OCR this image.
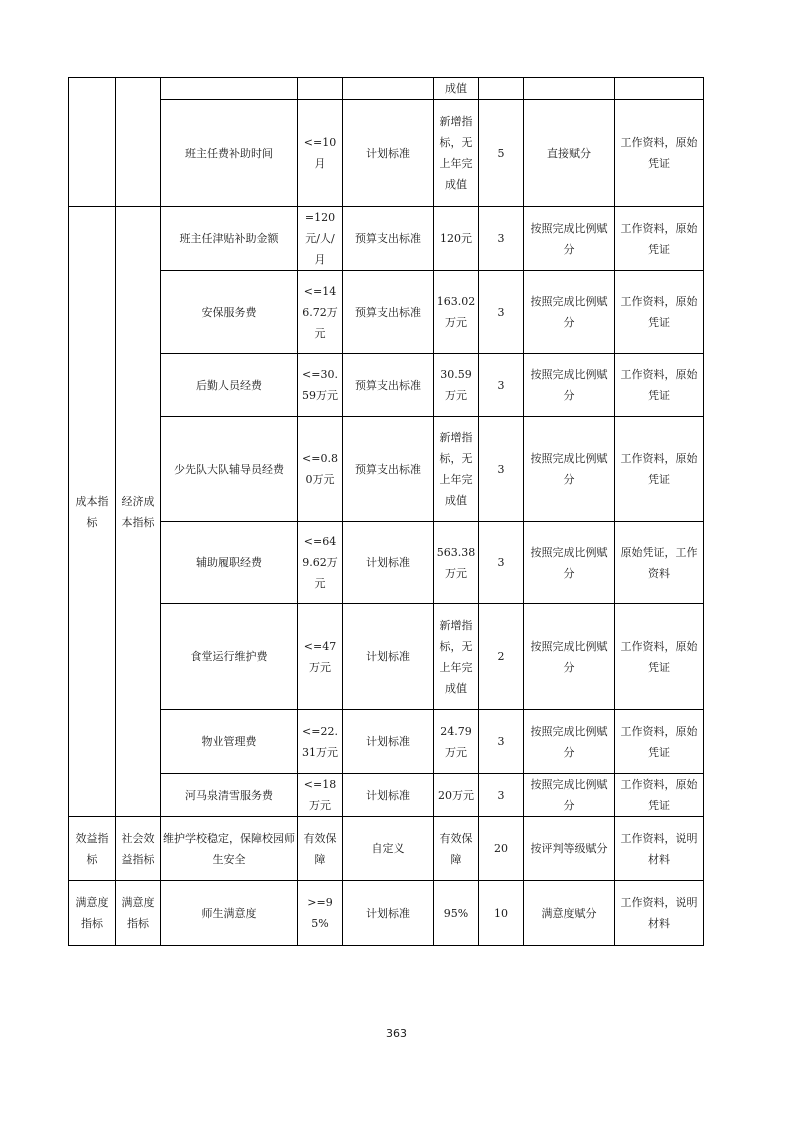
					成值			
		班主任费补助时间	<=10月	计划标准	新增指标，无上年完成值	5	直接赋分	工作资料，原始凭证
成本指标	经济成本指标	班主任津贴补助金额	=120元/人/月	预算支出标准	120元	3	按照完成比例赋分	工作资料，原始凭证
		安保服务费	<=146.72万元	预算支出标准	163.02万元	3	按照完成比例赋分	工作资料，原始凭证
		后勤人员经费	<=30.59万元	预算支出标准	30.59万元	3	按照完成比例赋分	工作资料，原始凭证
		少先队大队辅导员经费	<=0.80万元	预算支出标准	新增指标，无上年完成值	3	按照完成比例赋分	工作资料，原始凭证
		辅助履职经费	<=649.62万元	计划标准	563.38万元	3	按照完成比例赋分	原始凭证，工作资料
		食堂运行维护费	<=47万元	计划标准	新增指标，无上年完成值	2	按照完成比例赋分	工作资料，原始凭证
		物业管理费	<=22.31万元	计划标准	24.79万元	3	按照完成比例赋分	工作资料，原始凭证
		河马泉清雪服务费	<=18万元	计划标准	20万元	3	按照完成比例赋分	工作资料，原始凭证
效益指标	社会效益指标	维护学校稳定，保障校园师生安全	有效保障	自定义	有效保障	20	按评判等级赋分	工作资料，说明材料
满意度指标	满意度指标	师生满意度	>=95%	计划标准	95%	10	满意度赋分	工作资料，说明材料
363
